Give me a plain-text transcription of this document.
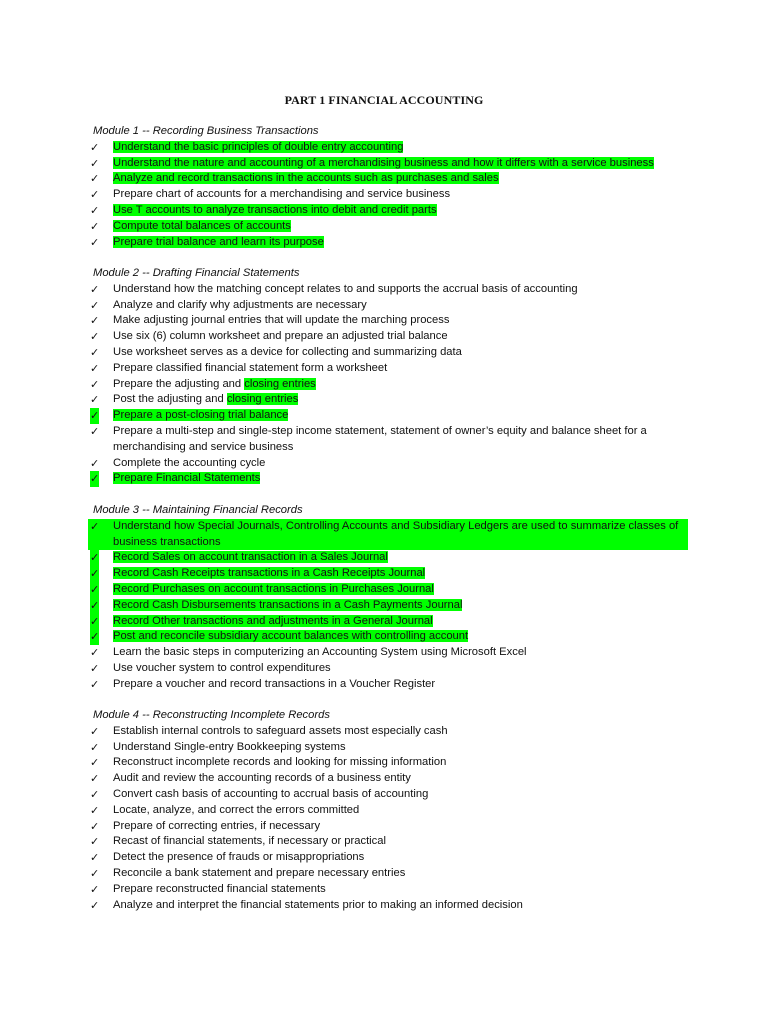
PART 1 FINANCIAL ACCOUNTING
Module 1 -- Recording Business Transactions
✓ Understand the basic principles of double entry accounting
✓ Understand the nature and accounting of a merchandising business and how it differs with a service business
✓ Analyze and record transactions in the accounts such as purchases and sales
✓ Prepare chart of accounts for a merchandising and service business
✓ Use T accounts to analyze transactions into debit and credit parts
✓ Compute total balances of accounts
✓ Prepare trial balance and learn its purpose
Module 2 -- Drafting Financial Statements
✓ Understand how the matching concept relates to and supports the accrual basis of accounting
✓ Analyze and clarify why adjustments are necessary
✓ Make adjusting journal entries that will update the marching process
✓ Use six (6) column worksheet and prepare an adjusted trial balance
✓ Use worksheet serves as a device for collecting and summarizing data
✓ Prepare classified financial statement form a worksheet
✓ Prepare the adjusting and closing entries
✓ Post the adjusting and closing entries
✓ Prepare a post-closing trial balance
✓ Prepare a multi-step and single-step income statement, statement of owner’s equity and balance sheet for a merchandising and service business
✓ Complete the accounting cycle
✓ Prepare Financial Statements
Module 3 -- Maintaining Financial Records
✓ Understand how Special Journals, Controlling Accounts and Subsidiary Ledgers are used to summarize classes of business transactions
✓ Record Sales on account transaction in a Sales Journal
✓ Record Cash Receipts transactions in a Cash Receipts Journal
✓ Record Purchases on account transactions in Purchases Journal
✓ Record Cash Disbursements transactions in a Cash Payments Journal
✓ Record Other transactions and adjustments in a General Journal
✓ Post and reconcile subsidiary account balances with controlling account
✓ Learn the basic steps in computerizing an Accounting System using Microsoft Excel
✓ Use voucher system to control expenditures
✓ Prepare a voucher and record transactions in a Voucher Register
Module 4 -- Reconstructing Incomplete Records
✓ Establish internal controls to safeguard assets most especially cash
✓ Understand Single-entry Bookkeeping systems
✓ Reconstruct incomplete records and looking for missing information
✓ Audit and review the accounting records of a business entity
✓ Convert cash basis of accounting to accrual basis of accounting
✓ Locate, analyze, and correct the errors committed
✓ Prepare of correcting entries, if necessary
✓ Recast of financial statements, if necessary or practical
✓ Detect the presence of frauds or misappropriations
✓ Reconcile a bank statement and prepare necessary entries
✓ Prepare reconstructed financial statements
✓ Analyze and interpret the financial statements prior to making an informed decision
